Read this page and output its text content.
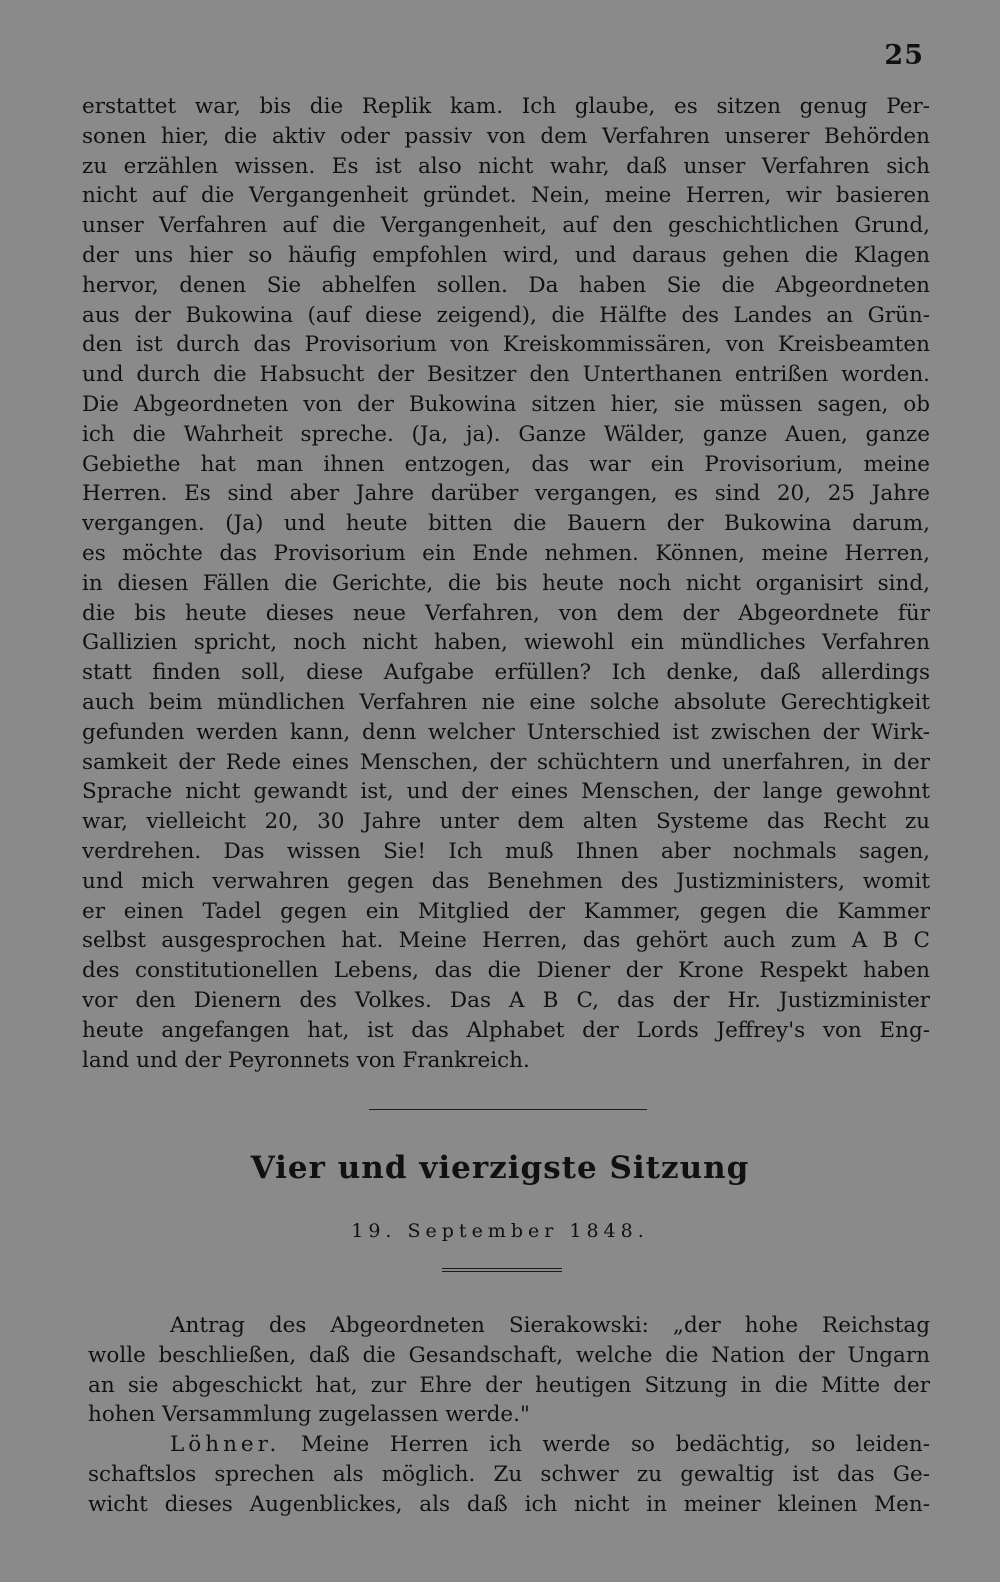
25
erstattet war, bis die Replik kam. Ich glaube, es sitzen genug Per-
sonen hier, die aktiv oder passiv von dem Verfahren unserer Behörden
zu erzählen wissen. Es ist also nicht wahr, daß unser Verfahren sich
nicht auf die Vergangenheit gründet. Nein, meine Herren, wir basieren
unser Verfahren auf die Vergangenheit, auf den geschichtlichen Grund,
der uns hier so häufig empfohlen wird, und daraus gehen die Klagen
hervor, denen Sie abhelfen sollen. Da haben Sie die Abgeordneten
aus der Bukowina (auf diese zeigend), die Hälfte des Landes an Grün-
den ist durch das Provisorium von Kreiskommissären, von Kreisbeamten
und durch die Habsucht der Besitzer den Unterthanen entrißen worden.
Die Abgeordneten von der Bukowina sitzen hier, sie müssen sagen, ob
ich die Wahrheit spreche. (Ja, ja). Ganze Wälder, ganze Auen, ganze
Gebiethe hat man ihnen entzogen, das war ein Provisorium, meine
Herren. Es sind aber Jahre darüber vergangen, es sind 20, 25 Jahre
vergangen. (Ja) und heute bitten die Bauern der Bukowina darum,
es möchte das Provisorium ein Ende nehmen. Können, meine Herren,
in diesen Fällen die Gerichte, die bis heute noch nicht organisirt sind,
die bis heute dieses neue Verfahren, von dem der Abgeordnete für
Gallizien spricht, noch nicht haben, wiewohl ein mündliches Verfahren
statt finden soll, diese Aufgabe erfüllen? Ich denke, daß allerdings
auch beim mündlichen Verfahren nie eine solche absolute Gerechtigkeit
gefunden werden kann, denn welcher Unterschied ist zwischen der Wirk-
samkeit der Rede eines Menschen, der schüchtern und unerfahren, in der
Sprache nicht gewandt ist, und der eines Menschen, der lange gewohnt
war, vielleicht 20, 30 Jahre unter dem alten Systeme das Recht zu
verdrehen. Das wissen Sie! Ich muß Ihnen aber nochmals sagen,
und mich verwahren gegen das Benehmen des Justizministers, womit
er einen Tadel gegen ein Mitglied der Kammer, gegen die Kammer
selbst ausgesprochen hat. Meine Herren, das gehört auch zum A B C
des constitutionellen Lebens, das die Diener der Krone Respekt haben
vor den Dienern des Volkes. Das A B C, das der Hr. Justizminister
heute angefangen hat, ist das Alphabet der Lords Jeffrey's von Eng-
land und der Peyronnets von Frankreich.
Vier und vierzigste Sitzung
19. September 1848.
Antrag des Abgeordneten Sierakowski: „der hohe Reichstag
wolle beschließen, daß die Gesandschaft, welche die Nation der Ungarn
an sie abgeschickt hat, zur Ehre der heutigen Sitzung in die Mitte der
hohen Versammlung zugelassen werde."
Löhner. Meine Herren ich werde so bedächtig, so leiden-
schaftslos sprechen als möglich. Zu schwer zu gewaltig ist das Ge-
wicht dieses Augenblickes, als daß ich nicht in meiner kleinen Men-
